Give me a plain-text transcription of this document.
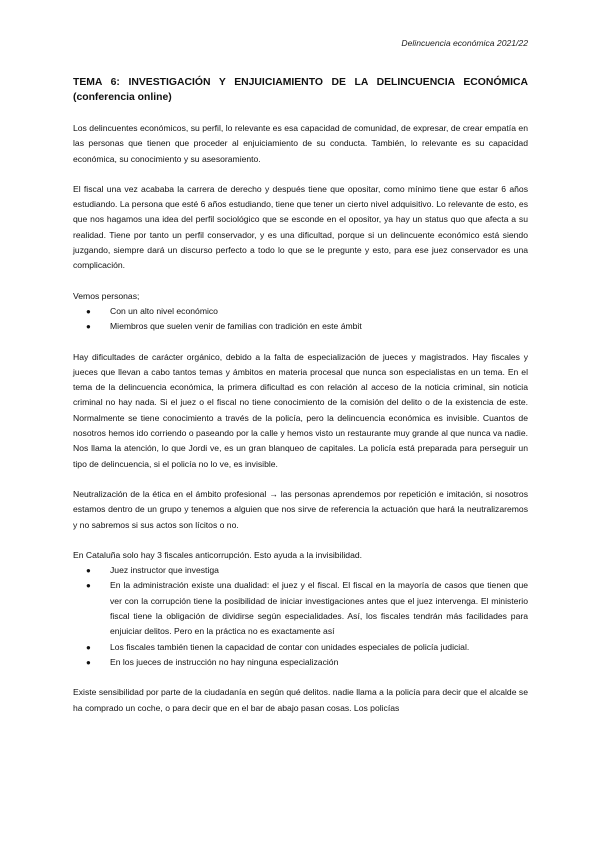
Delincuencia económica 2021/22
TEMA 6: INVESTIGACIÓN Y ENJUICIAMIENTO DE LA DELINCUENCIA ECONÓMICA
(conferencia online)

Los delincuentes económicos, su perfil, lo relevante es esa capacidad de comunidad, de expresar, de crear empatía en las personas que tienen que proceder al enjuiciamiento de su conducta. También, lo relevante es su capacidad económica, su conocimiento y su asesoramiento.

El fiscal una vez acababa la carrera de derecho y después tiene que opositar, como mínimo tiene que estar 6 años estudiando. La persona que esté 6 años estudiando, tiene que tener un cierto nivel adquisitivo. Lo relevante de esto, es que nos hagamos una idea del perfil sociológico que se esconde en el opositor, ya hay un status quo que afecta a su realidad. Tiene por tanto un perfil conservador, y es una dificultad, porque si un delincuente económico está siendo juzgando, siempre dará un discurso perfecto a todo lo que se le pregunte y esto, para ese juez conservador es una complicación.

Vemos personas;

● Con un alto nivel económico
● Miembros que suelen venir de familias con tradición en este ámbit

Hay dificultades de carácter orgánico, debido a la falta de especialización de jueces y magistrados. Hay fiscales y jueces que llevan a cabo tantos temas y ámbitos en materia procesal que nunca son especialistas en un tema. En el tema de la delincuencia económica, la primera dificultad es con relación al acceso de la noticia criminal, sin noticia criminal no hay nada. Si el juez o el fiscal no tiene conocimiento de la comisión del delito o de la existencia de este. Normalmente se tiene conocimiento a través de la policía, pero la delincuencia económica es invisible. Cuantos de nosotros hemos ido corriendo o paseando por la calle y hemos visto un restaurante muy grande al que nunca va nadie. Nos llama la atención, lo que Jordi ve, es un gran blanqueo de capitales. La policía está preparada para perseguir un tipo de delincuencia, si el policía no lo ve, es invisible.

Neutralización de la ética en el ámbito profesional → las personas aprendemos por repetición e imitación, si nosotros estamos dentro de un grupo y tenemos a alguien que nos sirve de referencia la actuación que hará la neutralizaremos y no sabremos si sus actos son lícitos o no.

En Cataluña solo hay 3 fiscales anticorrupción. Esto ayuda a la invisibilidad.

● Juez instructor que investiga
● En la administración existe una dualidad: el juez y el fiscal. El fiscal en la mayoría de casos que tienen que ver con la corrupción tiene la posibilidad de iniciar investigaciones antes que el juez intervenga. El ministerio fiscal tiene la obligación de dividirse según especialidades. Así, los fiscales tendrán más facilidades para enjuiciar delitos. Pero en la práctica no es exactamente así
● Los fiscales también tienen la capacidad de contar con unidades especiales de policía judicial.
● En los jueces de instrucción no hay ninguna especialización

Existe sensibilidad por parte de la ciudadanía en según qué delitos. nadie llama a la policía para decir que el alcalde se ha comprado un coche, o para decir que en el bar de abajo pasan cosas. Los policías
